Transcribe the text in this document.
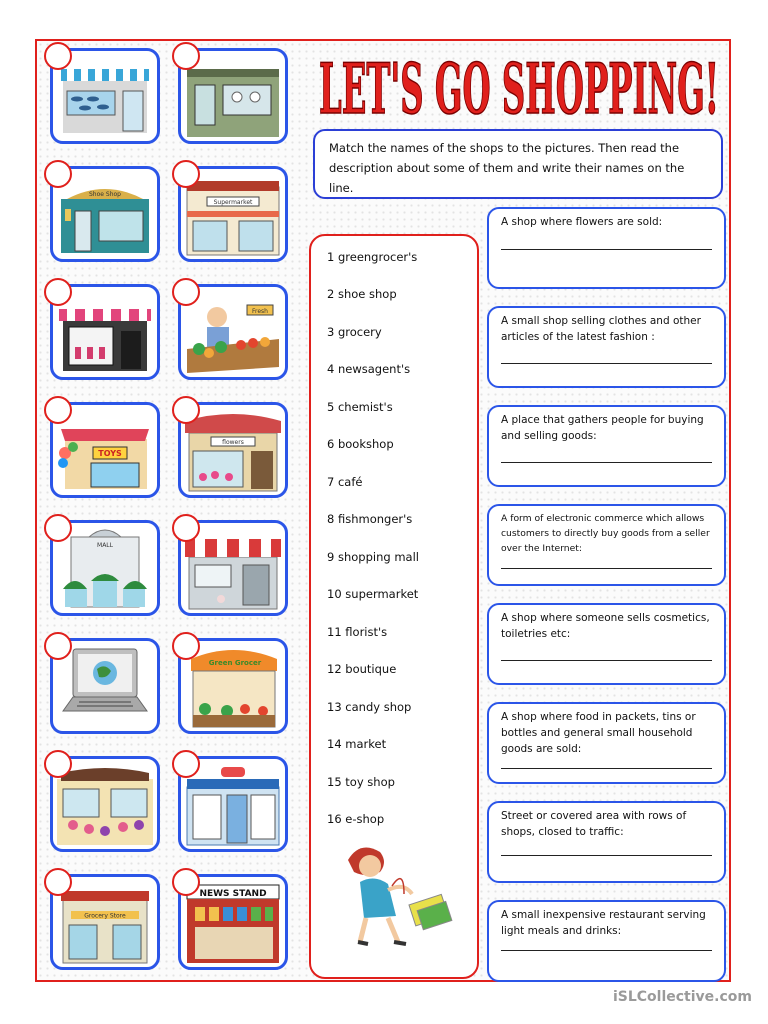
LET'S GO SHOPPING!
Match the names of the shops to the pictures. Then read the description about some of them and write their names on the line.
Shoe Shop
TOYS
MALL
Grocery Store
Supermarket
Fresh
flowers
Green Grocer
NEWS STAND
1 greengrocer's
2 shoe shop
3 grocery
4 newsagent's
5 chemist's
6 bookshop
7 café
8 fishmonger's
9 shopping mall
10 supermarket
11 florist's
12 boutique
13 candy shop
14 market
15 toy shop
16 e-shop
A shop where flowers are sold:
A small shop selling clothes and other articles of the latest fashion :
A place that gathers people for buying and selling goods:
A form of electronic commerce which allows customers to directly buy goods from a seller over the Internet:
A shop where someone sells cosmetics, toiletries etc:
A shop where food in packets, tins or bottles and general small household goods are sold:
Street or covered area with rows of shops, closed to traffic:
A small inexpensive restaurant serving light meals and drinks:
iSLCollective.com
